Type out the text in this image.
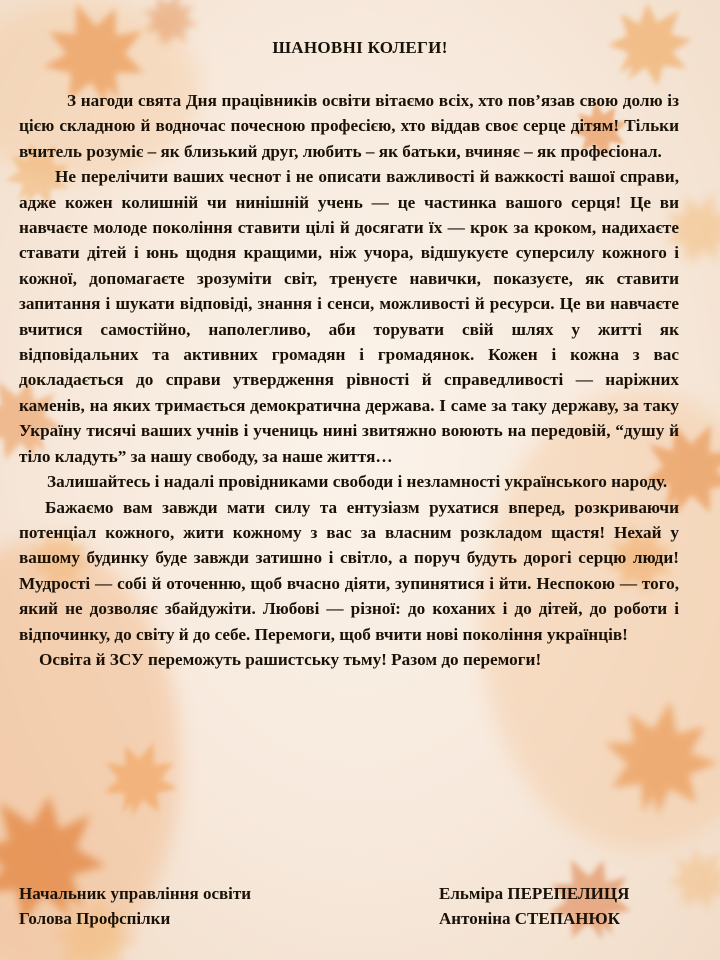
ШАНОВНІ КОЛЕГИ!

З нагоди свята Дня працівників освіти вітаємо всіх, хто пов’язав свою долю із цією складною й водночас почесною професією, хто віддав своє серце дітям! Тільки вчитель розуміє – як близький друг, любить – як батьки, вчиняє – як професіонал.

Не перелічити ваших чеснот і не описати важливості й важкості вашої справи, адже кожен колишній чи нинішній учень — це частинка вашого серця! Це ви навчаєте молоде покоління ставити цілі й досягати їх — крок за кроком, надихаєте ставати дітей і юнь щодня кращими, ніж учора, відшукуєте суперсилу кожного і кожної, допомагаєте зрозуміти світ, тренуєте навички, показуєте, як ставити запитання і шукати відповіді, знання і сенси, можливості й ресурси. Це ви навчаєте вчитися самостійно, наполегливо, аби торувати свій шлях у житті як відповідальних та активних громадян і громадянок. Кожен і кожна з вас докладається до справи утвердження рівності й справедливості — наріжних каменів, на яких тримається демократична держава. І саме за таку державу, за таку Україну тисячі ваших учнів і учениць нині звитяжно воюють на передовій, “душу й тіло кладуть” за нашу свободу, за наше життя…

Залишайтесь і надалі провідниками свободи і незламності українського народу.

Бажаємо вам завжди мати силу та ентузіазм рухатися вперед, розкриваючи потенціал кожного, жити кожному з вас за власним розкладом щастя! Нехай у вашому будинку буде завжди затишно і світло, а поруч будуть дорогі серцю люди! Мудрості — собі й оточенню, щоб вчасно діяти, зупинятися і йти. Неспокою — того, який не дозволяє збайдужіти. Любові — різної: до коханих і до дітей, до роботи і відпочинку, до світу й до себе. Перемоги, щоб вчити нові покоління українців!

Освіта й ЗСУ переможуть рашистську тьму! Разом до перемоги!

Начальник управління освіти	Ельміра ПЕРЕПЕЛИЦЯ
Голова Профспілки	Антоніна СТЕПАНЮК
